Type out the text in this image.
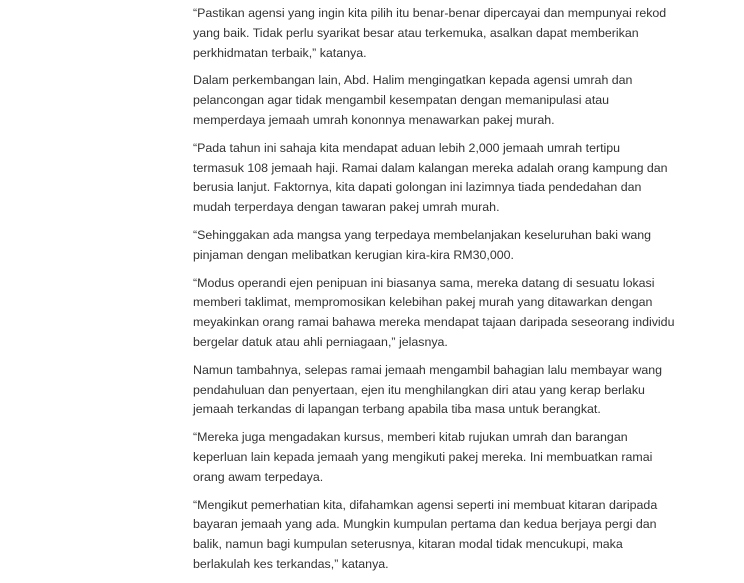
“Pastikan agensi yang ingin kita pilih itu benar-benar dipercayai dan mempunyai rekod
yang baik. Tidak perlu syarikat besar atau terkemuka, asalkan dapat memberikan
perkhidmatan terbaik,” katanya.

Dalam perkembangan lain, Abd. Halim mengingatkan kepada agensi umrah dan
pelancongan agar tidak mengambil kesempatan dengan memanipulasi atau
memperdaya jemaah umrah kononnya menawarkan pakej murah.

“Pada tahun ini sahaja kita mendapat aduan lebih 2,000 jemaah umrah tertipu
termasuk 108 jemaah haji. Ramai dalam kalangan mereka adalah orang kampung dan
berusia lanjut. Faktornya, kita dapati golongan ini lazimnya tiada pendedahan dan
mudah terperdaya dengan tawaran pakej umrah murah.

“Sehinggakan ada mangsa yang terpedaya membelanjakan keseluruhan baki wang
pinjaman dengan melibatkan kerugian kira-kira RM30,000.

“Modus operandi ejen penipuan ini biasanya sama, mereka datang di sesuatu lokasi
memberi taklimat, mempromosikan kelebihan pakej murah yang ditawarkan dengan
meyakinkan orang ramai bahawa mereka mendapat tajaan daripada seseorang individu
bergelar datuk atau ahli perniagaan,” jelasnya.

Namun tambahnya, selepas ramai jemaah mengambil bahagian lalu membayar wang
pendahuluan dan penyertaan, ejen itu menghilangkan diri atau yang kerap berlaku
jemaah terkandas di lapangan terbang apabila tiba masa untuk berangkat.

“Mereka juga mengadakan kursus, memberi kitab rujukan umrah dan barangan
keperluan lain kepada jemaah yang mengikuti pakej mereka. Ini membuatkan ramai
orang awam terpedaya.

“Mengikut pemerhatian kita, difahamkan agensi seperti ini membuat kitaran daripada
bayaran jemaah yang ada. Mungkin kumpulan pertama dan kedua berjaya pergi dan
balik, namun bagi kumpulan seterusnya, kitaran modal tidak mencukupi, maka
berlakulah kes terkandas,” katanya.
